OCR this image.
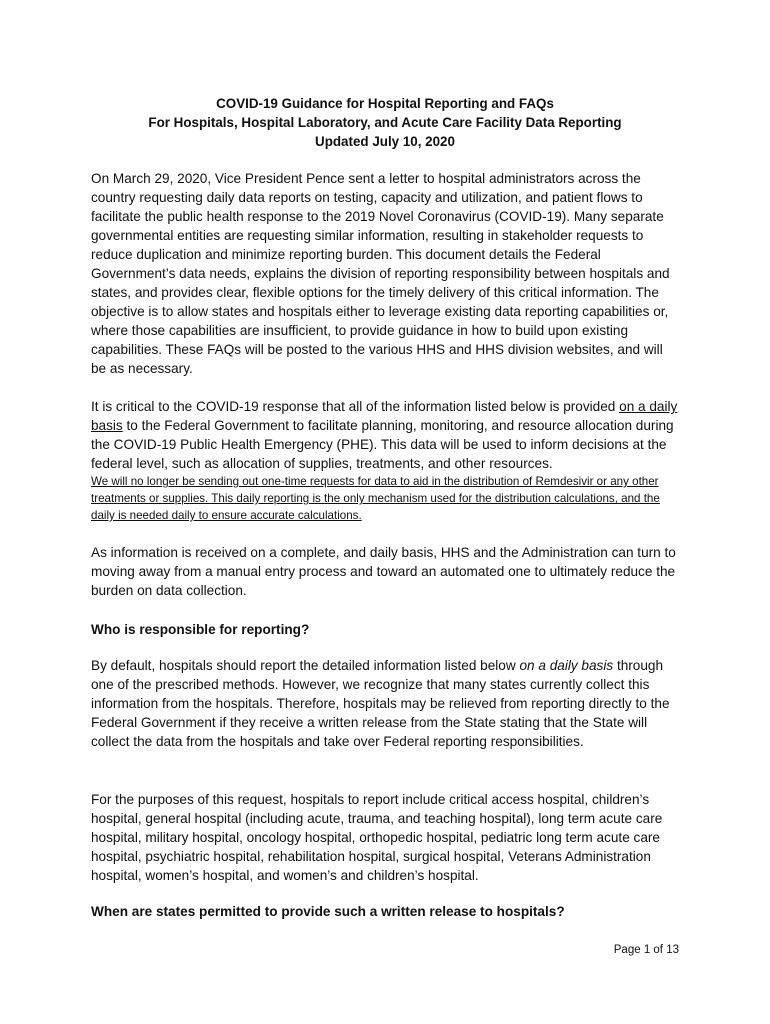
COVID-19 Guidance for Hospital Reporting and FAQs
For Hospitals, Hospital Laboratory, and Acute Care Facility Data Reporting
Updated July 10, 2020

On March 29, 2020, Vice President Pence sent a letter to hospital administrators across the country requesting daily data reports on testing, capacity and utilization, and patient flows to facilitate the public health response to the 2019 Novel Coronavirus (COVID-19). Many separate governmental entities are requesting similar information, resulting in stakeholder requests to reduce duplication and minimize reporting burden. This document details the Federal Government’s data needs, explains the division of reporting responsibility between hospitals and states, and provides clear, flexible options for the timely delivery of this critical information. The objective is to allow states and hospitals either to leverage existing data reporting capabilities or, where those capabilities are insufficient, to provide guidance in how to build upon existing capabilities. These FAQs will be posted to the various HHS and HHS division websites, and will be as necessary.

It is critical to the COVID-19 response that all of the information listed below is provided on a daily basis to the Federal Government to facilitate planning, monitoring, and resource allocation during the COVID-19 Public Health Emergency (PHE). This data will be used to inform decisions at the federal level, such as allocation of supplies, treatments, and other resources.

We will no longer be sending out one-time requests for data to aid in the distribution of Remdesivir or any other treatments or supplies. This daily reporting is the only mechanism used for the distribution calculations, and the daily is needed daily to ensure accurate calculations.

As information is received on a complete, and daily basis, HHS and the Administration can turn to moving away from a manual entry process and toward an automated one to ultimately reduce the burden on data collection.

Who is responsible for reporting?

By default, hospitals should report the detailed information listed below on a daily basis through one of the prescribed methods. However, we recognize that many states currently collect this information from the hospitals. Therefore, hospitals may be relieved from reporting directly to the Federal Government if they receive a written release from the State stating that the State will collect the data from the hospitals and take over Federal reporting responsibilities.

For the purposes of this request, hospitals to report include critical access hospital, children’s hospital, general hospital (including acute, trauma, and teaching hospital), long term acute care hospital, military hospital, oncology hospital, orthopedic hospital, pediatric long term acute care hospital, psychiatric hospital, rehabilitation hospital, surgical hospital, Veterans Administration hospital, women’s hospital, and women’s and children’s hospital.

When are states permitted to provide such a written release to hospitals?
Page 1 of 13
